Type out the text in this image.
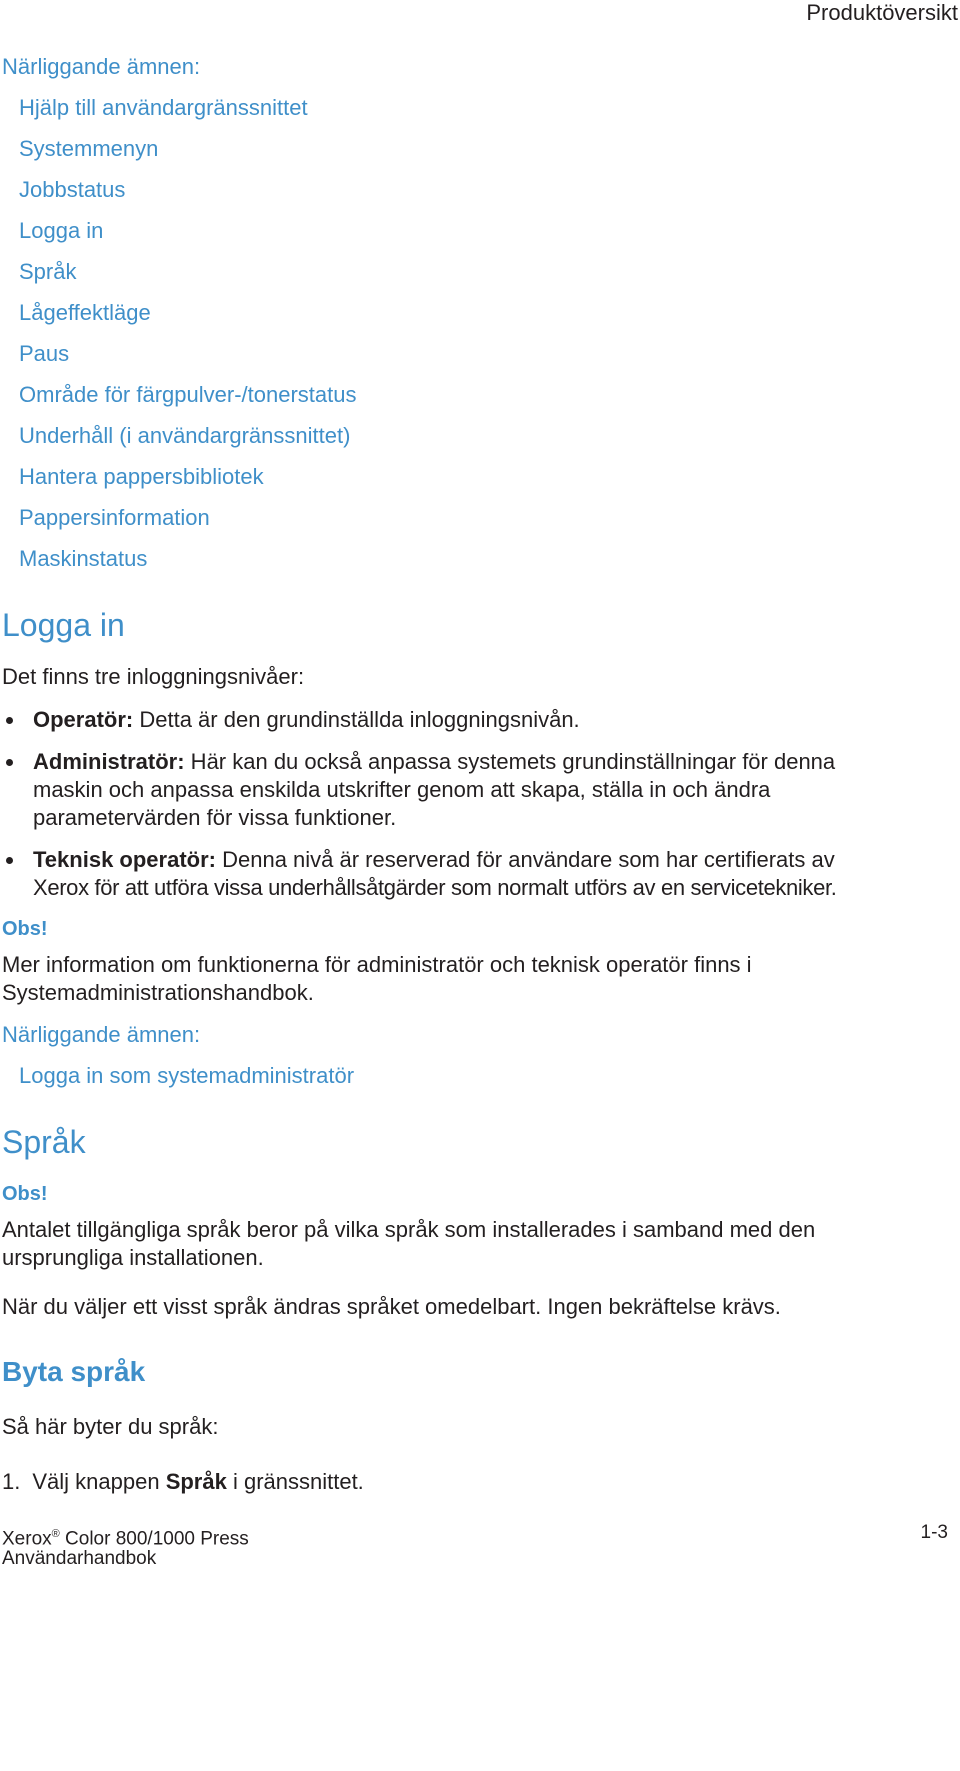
Produktöversikt
Närliggande ämnen:
Hjälp till användargränssnittet
Systemmenyn
Jobbstatus
Logga in
Språk
Lågeffektläge
Paus
Område för färgpulver-/tonerstatus
Underhåll (i användargränssnittet)
Hantera pappersbibliotek
Pappersinformation
Maskinstatus
Logga in
Det finns tre inloggningsnivåer:
Operatör: Detta är den grundinställda inloggningsnivån.
Administratör: Här kan du också anpassa systemets grundinställningar för denna
maskin och anpassa enskilda utskrifter genom att skapa, ställa in och ändra
parametervärden för vissa funktioner.
Teknisk operatör: Denna nivå är reserverad för användare som har certifierats av
Xerox för att utföra vissa underhållsåtgärder som normalt utförs av en servicetekniker.
Obs!
Mer information om funktionerna för administratör och teknisk operatör finns i
Systemadministrationshandbok.
Närliggande ämnen:
Logga in som systemadministratör
Språk
Obs!
Antalet tillgängliga språk beror på vilka språk som installerades i samband med den
ursprungliga installationen.
När du väljer ett visst språk ändras språket omedelbart. Ingen bekräftelse krävs.
Byta språk
Så här byter du språk:
1. Välj knappen Språk i gränssnittet.
Xerox® Color 800/1000 Press
Användarhandbok
1-3
